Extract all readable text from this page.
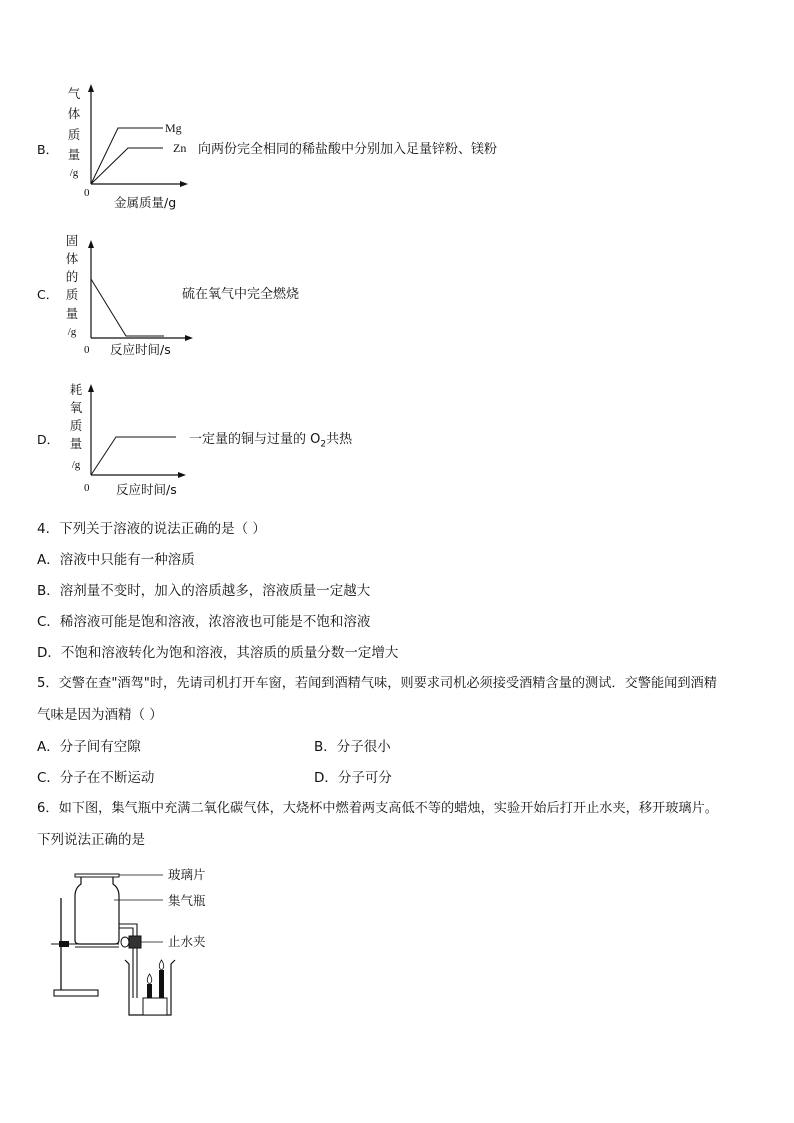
B．
气
体
质
量
/g
0
Mg
Zn
金属质量/g
向两份完全相同的稀盐酸中分别加入足量锌粉、镁粉
C．
固
体
的
质
量
/g
0 反应时间/s
硫在氧气中完全燃烧
D．
耗
氧
质
量
/g
0 反应时间/s
一定量的铜与过量的 $O_2$共热
4．下列关于溶液的说法正确的是（ ）
A．溶液中只能有一种溶质
B．溶剂量不变时，加入的溶质越多，溶液质量一定越大
C．稀溶液可能是饱和溶液，浓溶液也可能是不饱和溶液
D．不饱和溶液转化为饱和溶液，其溶质的质量分数一定增大
5．交警在查"酒驾"时，先请司机打开车窗，若闻到酒精气味，则要求司机必须接受酒精含量的测试．交警能闻到酒精
气味是因为酒精（ ）
A．分子间有空隙	B．分子很小
C．分子在不断运动	D．分子可分
6．如下图，集气瓶中充满二氧化碳气体，大烧杯中燃着两支高低不等的蜡烛，实验开始后打开止水夹，移开玻璃片。
下列说法正确的是
玻璃片
集气瓶
止水夹
